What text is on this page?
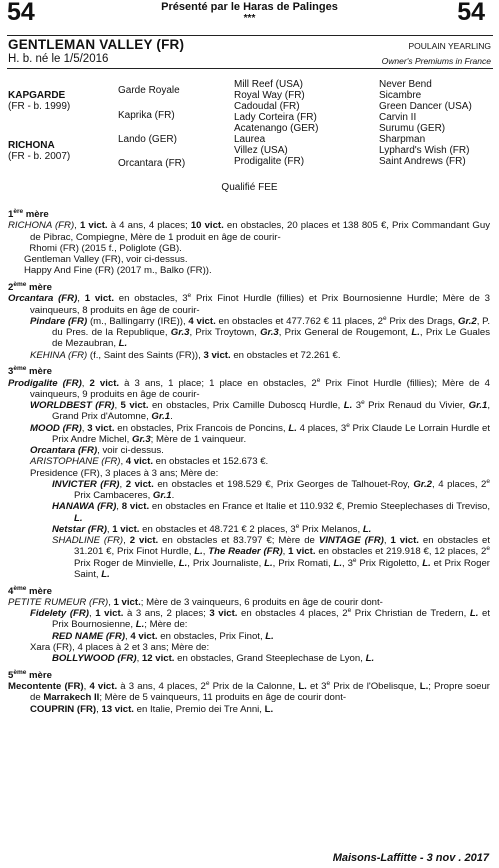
54	Présenté par le Haras de Palinges
***	54
GENTLEMAN VALLEY (FR)
H. b. né le 1/5/2016
POULAIN YEARLING
Owner's Premiums in France
KAPGARDE
(FR - b. 1999)
RICHONA
(FR - b. 2007)
Garde Royale
Kaprika (FR)
Lando (GER)
Orcantara (FR)
Mill Reef (USA)
Royal Way (FR)
Cadoudal (FR)
Lady Corteira (FR)
Acatenango (GER)
Laurea
Villez (USA)
Prodigalite (FR)
Never Bend
Sicambre
Green Dancer (USA)
Carvin II
Surumu (GER)
Sharpman
Lyphard's Wish (FR)
Saint Andrews (FR)
Qualifié FEE
1ère mère
RICHONA (FR), 1 vict. à 4 ans, 4 places; 10 vict. en obstacles, 20 places et 138 805 €, Prix Commandant Guy de Pibrac, Compiegne, Mère de 1 produit en âge de courir-
Rhomi (FR) (2015 f., Poliglote (GB).
Gentleman Valley (FR), voir ci-dessus.
Happy And Fine (FR) (2017 m., Balko (FR)).
2ème mère
Orcantara (FR), 1 vict. en obstacles, 3e Prix Finot Hurdle (fillies) et Prix Bournosienne Hurdle; Mère de 3 vainqueurs, 8 produits en âge de courir-
Pindare (FR) (m., Ballingarry (IRE)), 4 vict. en obstacles et 477.762 € 11 places, 2e Prix des Drags, Gr.2, P. du Pres. de la Republique, Gr.3, Prix Troytown, Gr.3, Prix General de Rougemont, L., Prix Le Guales de Mezaubran, L.
KEHINA (FR) (f., Saint des Saints (FR)), 3 vict. en obstacles et 72.261 €.
3ème mère
Prodigalite (FR), 2 vict. à 3 ans, 1 place; 1 place en obstacles, 2e Prix Finot Hurdle (fillies); Mère de 4 vainqueurs, 9 produits en âge de courir-
WORLDBEST (FR), 5 vict. en obstacles, Prix Camille Duboscq Hurdle, L. 3e Prix Renaud du Vivier, Gr.1, Grand Prix d'Automne, Gr.1.
MOOD (FR), 3 vict. en obstacles, Prix Francois de Poncins, L. 4 places, 3e Prix Claude Le Lorrain Hurdle et Prix Andre Michel, Gr.3; Mère de 1 vainqueur.
Orcantara (FR), voir ci-dessus.
ARISTOPHANE (FR), 4 vict. en obstacles et 152.673 €.
Presidence (FR), 3 places à 3 ans; Mère de:
INVICTER (FR), 2 vict. en obstacles et 198.529 €, Prix Georges de Talhouet-Roy, Gr.2, 4 places, 2e Prix Cambaceres, Gr.1.
HANAWA (FR), 8 vict. en obstacles en France et Italie et 110.932 €, Premio Steeplechases di Treviso, L.
Netstar (FR), 1 vict. en obstacles et 48.721 € 2 places, 3e Prix Melanos, L.
SHADLINE (FR), 2 vict. en obstacles et 83.797 €; Mère de VINTAGE (FR), 1 vict. en obstacles et 31.201 €, Prix Finot Hurdle, L., The Reader (FR), 1 vict. en obstacles et 219.918 €, 12 places, 2e Prix Roger de Minvielle, L., Prix Journaliste, L., Prix Romati, L., 3e Prix Rigoletto, L. et Prix Roger Saint, L.
4ème mère
PETITE RUMEUR (FR), 1 vict.; Mère de 3 vainqueurs, 6 produits en âge de courir dont-
Fidelety (FR), 1 vict. à 3 ans, 2 places; 3 vict. en obstacles 4 places, 2e Prix Christian de Tredern, L. et Prix Bournosienne, L.; Mère de:
RED NAME (FR), 4 vict. en obstacles, Prix Finot, L.
Xara (FR), 4 places à 2 et 3 ans; Mère de:
BOLLYWOOD (FR), 12 vict. en obstacles, Grand Steeplechase de Lyon, L.
5ème mère
Mecontente (FR), 4 vict. à 3 ans, 4 places, 2e Prix de la Calonne, L. et 3e Prix de l'Obelisque, L.; Propre soeur de Marrakech II; Mère de 5 vainqueurs, 11 produits en âge de courir dont-
COUPRIN (FR), 13 vict. en Italie, Premio dei Tre Anni, L.
Maisons-Laffitte - 3 nov . 2017
